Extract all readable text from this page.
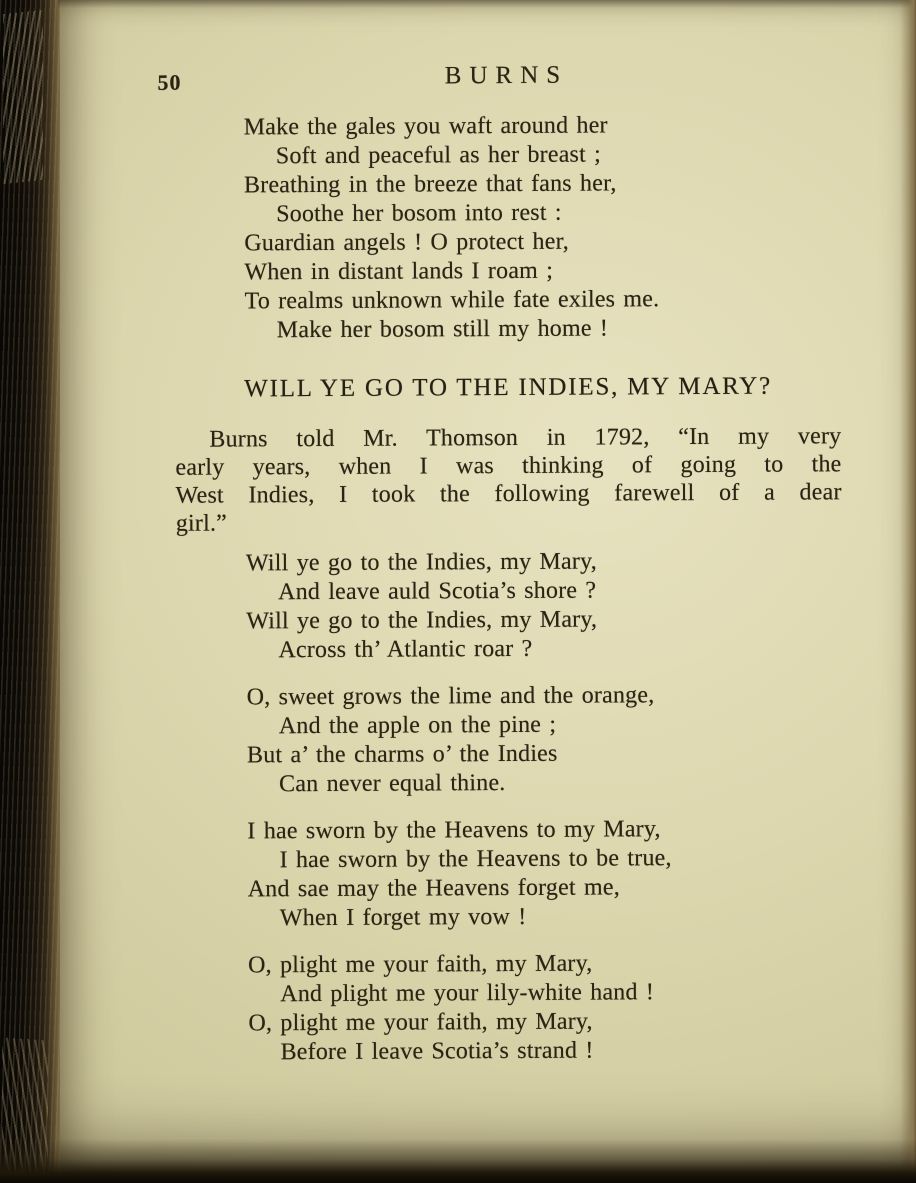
50	BURNS
Make the gales you waft around her
Soft and peaceful as her breast ;
Breathing in the breeze that fans her,
Soothe her bosom into rest :
Guardian angels ! O protect her,
When in distant lands I roam ;
To realms unknown while fate exiles me.
Make her bosom still my home !
WILL YE GO TO THE INDIES, MY MARY?
Burns told Mr. Thomson in 1792, “In my very
early years, when I was thinking of going to the
West Indies, I took the following farewell of a dear
girl.”
Will ye go to the Indies, my Mary,
And leave auld Scotia’s shore ?
Will ye go to the Indies, my Mary,
Across th’ Atlantic roar ?
O, sweet grows the lime and the orange,
And the apple on the pine ;
But a’ the charms o’ the Indies
Can never equal thine.
I hae sworn by the Heavens to my Mary,
I hae sworn by the Heavens to be true,
And sae may the Heavens forget me,
When I forget my vow !
O, plight me your faith, my Mary,
And plight me your lily-white hand !
O, plight me your faith, my Mary,
Before I leave Scotia’s strand !
